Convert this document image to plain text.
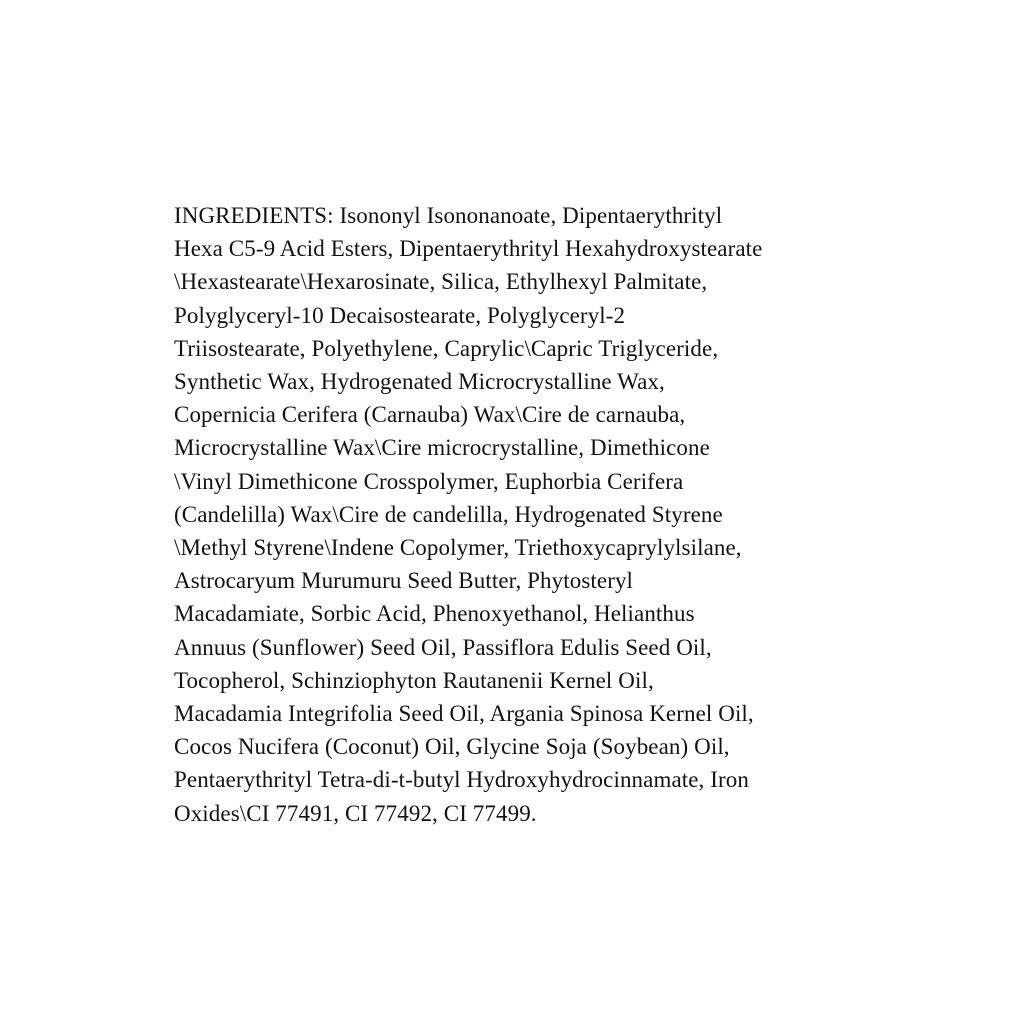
INGREDIENTS: Isononyl Isononanoate, Dipentaerythrityl
Hexa C5-9 Acid Esters, Dipentaerythrityl Hexahydroxystearate
\Hexastearate\Hexarosinate, Silica, Ethylhexyl Palmitate,
Polyglyceryl-10 Decaisostearate, Polyglyceryl-2
Triisostearate, Polyethylene, Caprylic\Capric Triglyceride,
Synthetic Wax, Hydrogenated Microcrystalline Wax,
Copernicia Cerifera (Carnauba) Wax\Cire de carnauba,
Microcrystalline Wax\Cire microcrystalline, Dimethicone
\Vinyl Dimethicone Crosspolymer, Euphorbia Cerifera
(Candelilla) Wax\Cire de candelilla, Hydrogenated Styrene
\Methyl Styrene\Indene Copolymer, Triethoxycaprylylsilane,
Astrocaryum Murumuru Seed Butter, Phytosteryl
Macadamiate, Sorbic Acid, Phenoxyethanol, Helianthus
Annuus (Sunflower) Seed Oil, Passiflora Edulis Seed Oil,
Tocopherol, Schinziophyton Rautanenii Kernel Oil,
Macadamia Integrifolia Seed Oil, Argania Spinosa Kernel Oil,
Cocos Nucifera (Coconut) Oil, Glycine Soja (Soybean) Oil,
Pentaerythrityl Tetra-di-t-butyl Hydroxyhydrocinnamate, Iron
Oxides\CI 77491, CI 77492, CI 77499.
